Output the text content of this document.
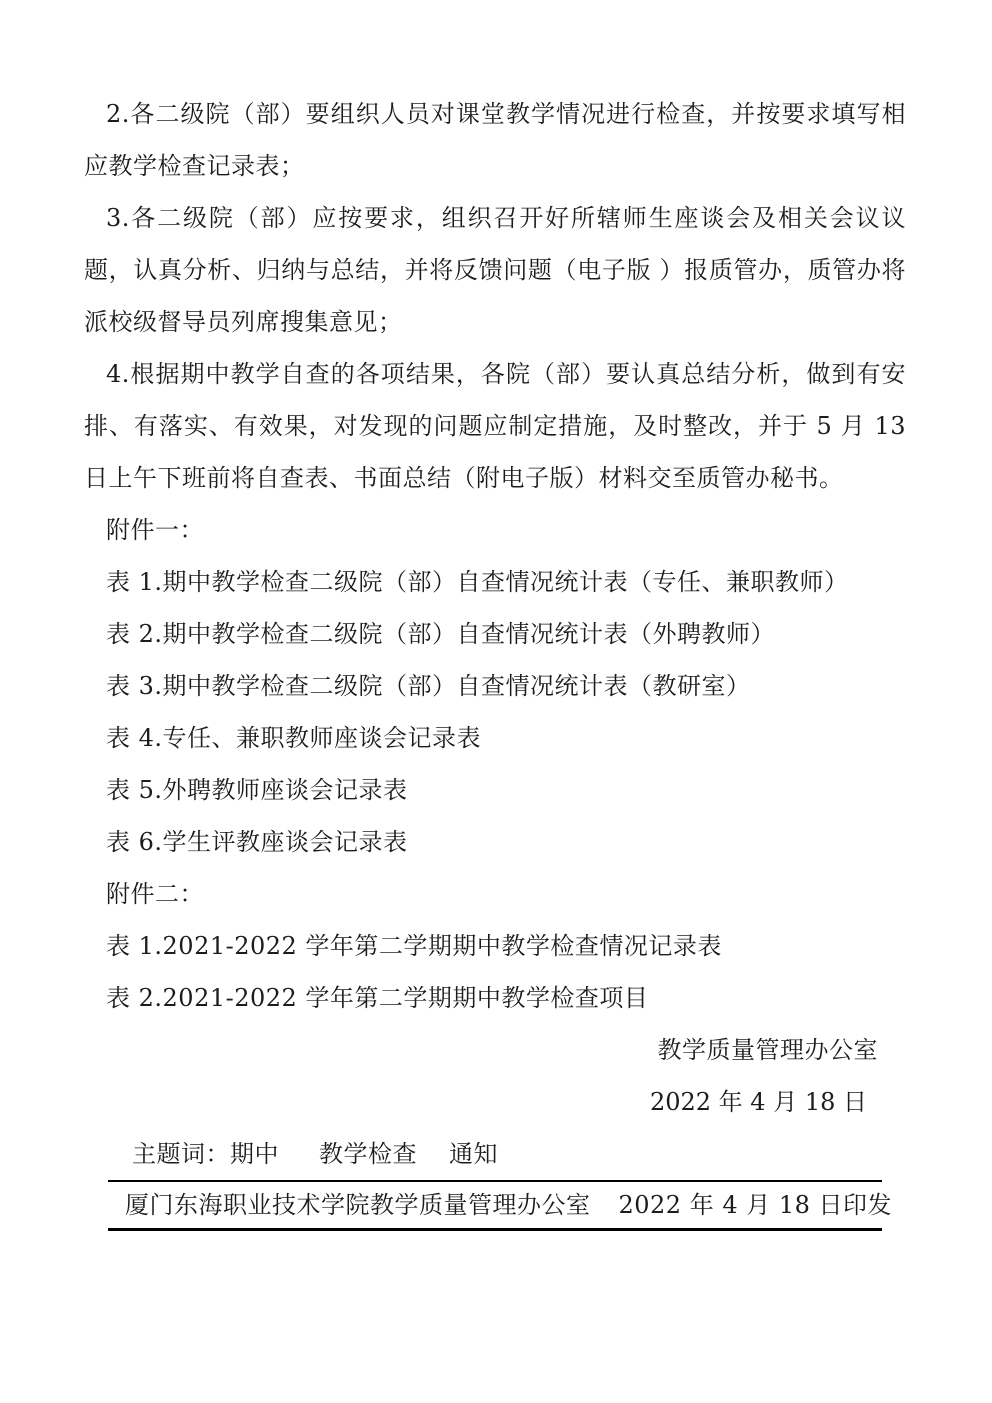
2.各二级院（部）要组织人员对课堂教学情况进行检查，并按要求填写相应教学检查记录表；

3.各二级院（部）应按要求，组织召开好所辖师生座谈会及相关会议议题，认真分析、归纳与总结，并将反馈问题（电子版 ）报质管办，质管办将派校级督导员列席搜集意见；

4.根据期中教学自查的各项结果，各院（部）要认真总结分析，做到有安排、有落实、有效果，对发现的问题应制定措施，及时整改，并于 5 月 13 日上午下班前将自查表、书面总结（附电子版）材料交至质管办秘书。

附件一：

表 1.期中教学检查二级院（部）自查情况统计表（专任、兼职教师）

表 2.期中教学检查二级院（部）自查情况统计表（外聘教师）

表 3.期中教学检查二级院（部）自查情况统计表（教研室）

表 4.专任、兼职教师座谈会记录表

表 5.外聘教师座谈会记录表

表 6.学生评教座谈会记录表

附件二：

表 1.2021-2022 学年第二学期期中教学检查情况记录表

表 2.2021-2022 学年第二学期期中教学检查项目

教学质量管理办公室

2022 年 4 月 18 日

主题词：期中 教学检查 通知

厦门东海职业技术学院教学质量管理办公室 2022 年 4 月 18 日印发
